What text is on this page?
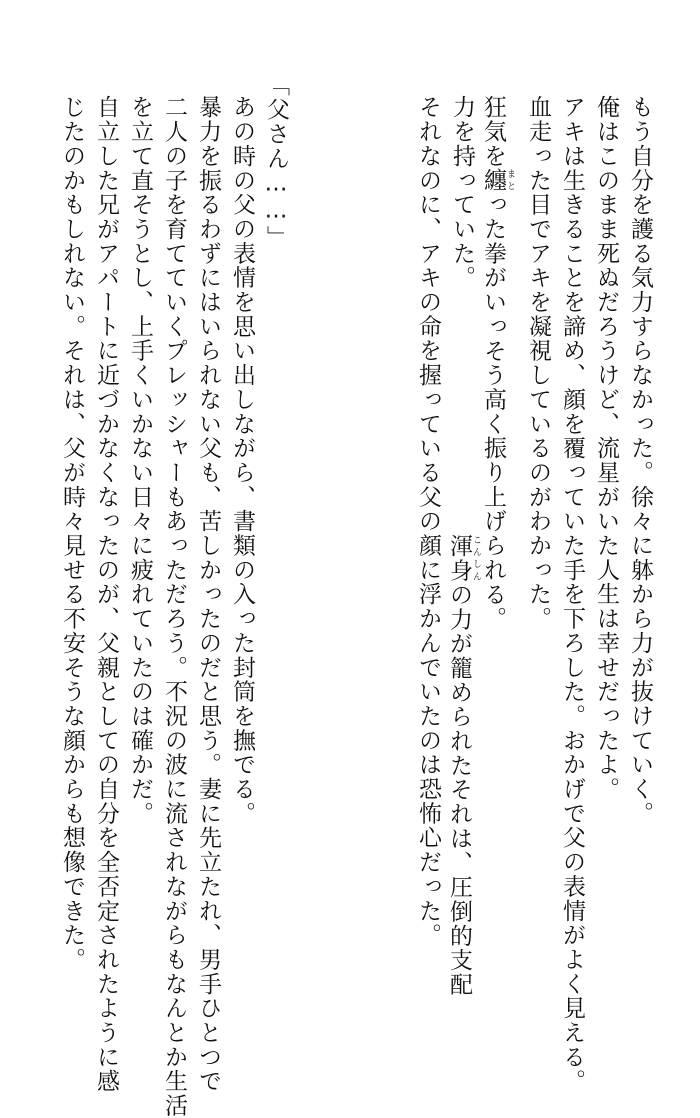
もう自分を護る気力すらなかった。徐々に躰から力が抜けていく。

俺はこのまま死ぬだろうけど、流星がいた人生は幸せだったよ。

アキは生きることを諦め、顔を覆っていた手を下ろした。おかげで父の表情がよく見える。

血走った目でアキを凝視しているのがわかった。

狂気を纏 まとった拳がいっそう高く振り上げられる。

渾身 こんしんの力が籠められたそれは、圧倒的支配

力を持っていた。

それなのに、アキの命を握っている父の顔に浮かんでいたのは恐怖心だった。

「父さん……」

あの時の父の表情を思い出しながら、書類の入った封筒を撫でる。

暴力を振るわずにはいられない父も、苦しかったのだと思う。妻に先立たれ、男手ひとつで

二人の子を育てていくプレッシャーもあっただろう。不況の波に流されながらもなんとか生活

を立て直そうとし、上手くいかない日々に疲れていたのは確かだ。

自立した兄がアパートに近づかなくなったのが、父親としての自分を全否定されたように感

じたのかもしれない。それは、父が時々見せる不安そうな顔からも想像できた。
